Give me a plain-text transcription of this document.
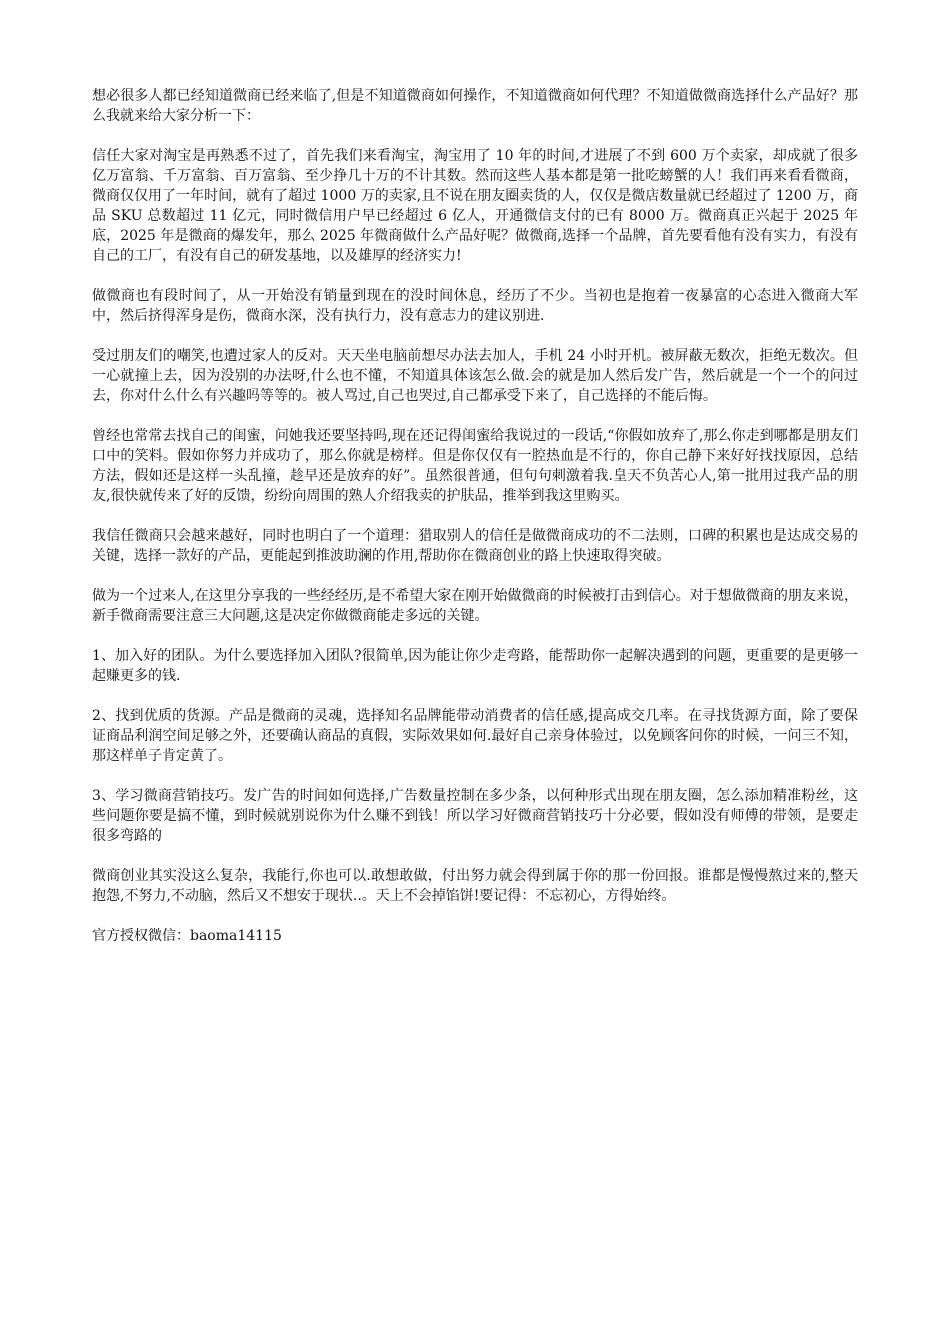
想必很多人都已经知道微商已经来临了,但是不知道微商如何操作，不知道微商如何代理？不知道做微商选择什么产品好？那么我就来给大家分析一下：

信任大家对淘宝是再熟悉不过了，首先我们来看淘宝，淘宝用了 10 年的时间,才进展了不到 600 万个卖家，却成就了很多亿万富翁、千万富翁、百万富翁、至少挣几十万的不计其数。然而这些人基本都是第一批吃螃蟹的人！我们再来看看微商，微商仅仅用了一年时间，就有了超过 1000 万的卖家,且不说在朋友圈卖货的人，仅仅是微店数量就已经超过了 1200 万，商品 SKU 总数超过 11 亿元，同时微信用户早已经超过 6 亿人，开通微信支付的已有 8000 万。微商真正兴起于 2025 年底，2025 年是微商的爆发年，那么 2025 年微商做什么产品好呢？做微商,选择一个品牌，首先要看他有没有实力，有没有自己的工厂，有没有自己的研发基地，以及雄厚的经济实力!

做微商也有段时间了，从一开始没有销量到现在的没时间休息，经历了不少。当初也是抱着一夜暴富的心态进入微商大军中，然后挤得浑身是伤，微商水深，没有执行力，没有意志力的建议别进.

受过朋友们的嘲笑,也遭过家人的反对。天天坐电脑前想尽办法去加人，手机 24 小时开机。被屏蔽无数次，拒绝无数次。但一心就撞上去，因为没别的办法呀,什么也不懂，不知道具体该怎么做.会的就是加人然后发广告，然后就是一个一个的问过去，你对什么什么有兴趣吗等等的。被人骂过,自己也哭过,自己都承受下来了，自己选择的不能后悔。

曾经也常常去找自己的闺蜜，问她我还要坚持吗,现在还记得闺蜜给我说过的一段话,“你假如放弃了,那么你走到哪都是朋友们口中的笑料。假如你努力并成功了，那么你就是榜样。但是你仅仅有一腔热血是不行的，你自己静下来好好找找原因，总结方法，假如还是这样一头乱撞，趁早还是放弃的好”。虽然很普通，但句句刺激着我.皇天不负苦心人,第一批用过我产品的朋友,很快就传来了好的反馈，纷纷向周围的熟人介绍我卖的护肤品，推举到我这里购买。

我信任微商只会越来越好，同时也明白了一个道理：猎取别人的信任是做微商成功的不二法则，口碑的积累也是达成交易的关键，选择一款好的产品，更能起到推波助澜的作用,帮助你在微商创业的路上快速取得突破。

做为一个过来人,在这里分享我的一些经经历,是不希望大家在刚开始做微商的时候被打击到信心。对于想做微商的朋友来说，新手微商需要注意三大问题,这是决定你做微商能走多远的关键。

1、加入好的团队。为什么要选择加入团队?很简单,因为能让你少走弯路，能帮助你一起解决遇到的问题，更重要的是更够一起赚更多的钱.

2、找到优质的货源。产品是微商的灵魂，选择知名品牌能带动消费者的信任感,提高成交几率。在寻找货源方面，除了要保证商品利润空间足够之外，还要确认商品的真假，实际效果如何.最好自己亲身体验过，以免顾客问你的时候，一问三不知，那这样单子肯定黄了。

3、学习微商营销技巧。发广告的时间如何选择,广告数量控制在多少条，以何种形式出现在朋友圈，怎么添加精准粉丝，这些问题你要是搞不懂，到时候就别说你为什么赚不到钱！所以学习好微商营销技巧十分必要，假如没有师傅的带领，是要走很多弯路的

微商创业其实没这么复杂，我能行,你也可以.敢想敢做，付出努力就会得到属于你的那一份回报。谁都是慢慢熬过来的,整天抱怨,不努力,不动脑，然后又不想安于现状..。天上不会掉馅饼!要记得：不忘初心，方得始终。

官方授权微信：baoma14115
